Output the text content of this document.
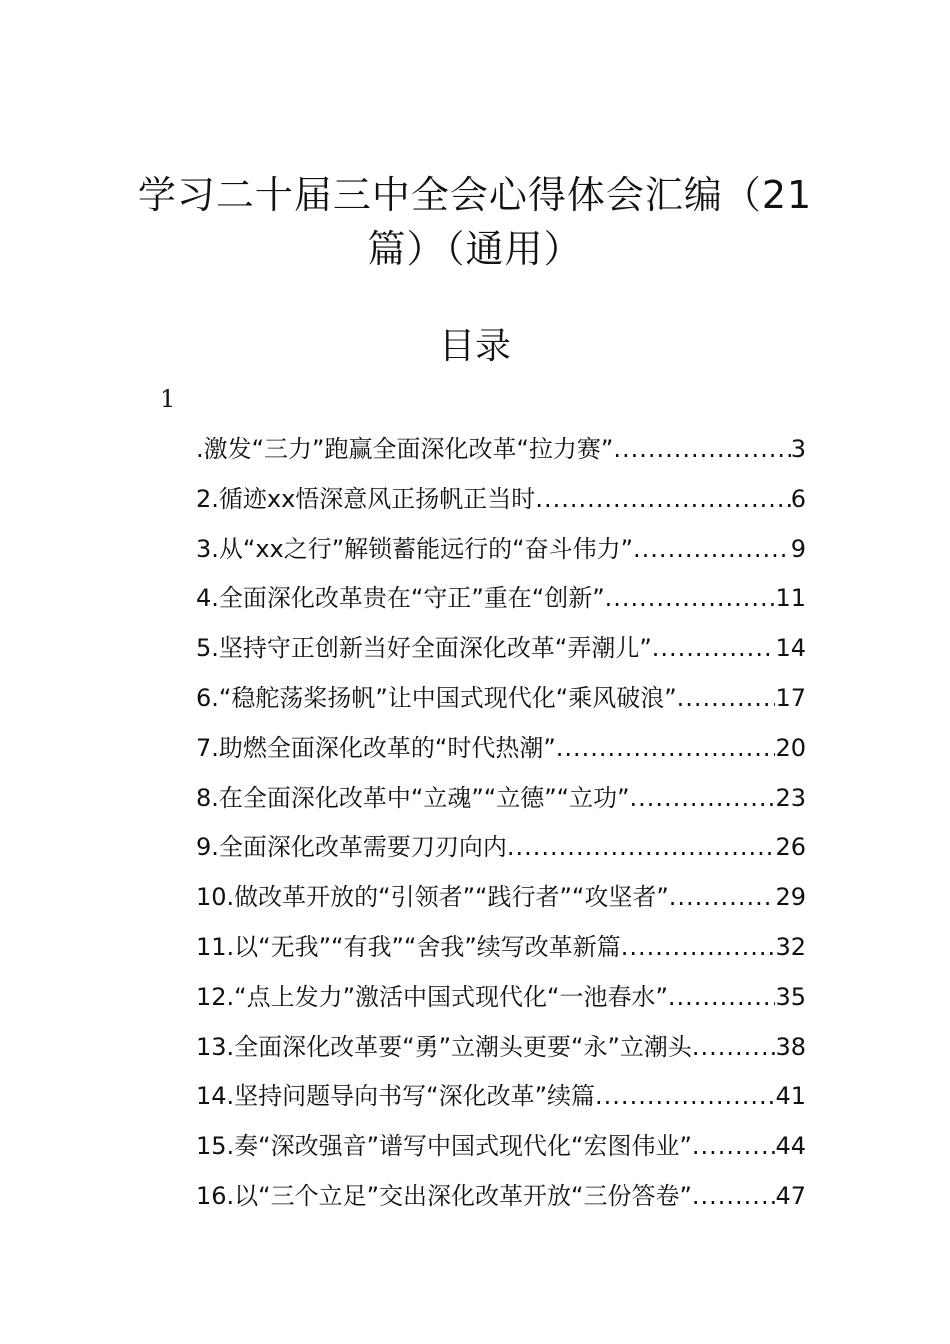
学习二十届三中全会心得体会汇编（21篇）（通用）
目录
1
.激发“三力”跑赢全面深化改革“拉力赛” .....	3
2.循迹xx悟深意风正扬帆正当时 .....	6
3.从“xx之行”解锁蓄能远行的“奋斗伟力” .....	9
4.全面深化改革贵在“守正”重在“创新” .....	11
5.坚持守正创新当好全面深化改革“弄潮儿” .....	14
6.“稳舵荡桨扬帆”让中国式现代化“乘风破浪” .....	17
7.助燃全面深化改革的“时代热潮” .....	20
8.在全面深化改革中“立魂”“立德”“立功” .....	23
9.全面深化改革需要刀刃向内 .....	26
10.做改革开放的“引领者”“践行者”“攻坚者” .....	29
11.以“无我”“有我”“舍我”续写改革新篇 .....	32
12.“点上发力”激活中国式现代化“一池春水” .....	35
13.全面深化改革要“勇”立潮头更要“永”立潮头 .....	38
14.坚持问题导向书写“深化改革”续篇 .....	41
15.奏“深改强音”谱写中国式现代化“宏图伟业” .....	44
16.以“三个立足”交出深化改革开放“三份答卷” .....	47
